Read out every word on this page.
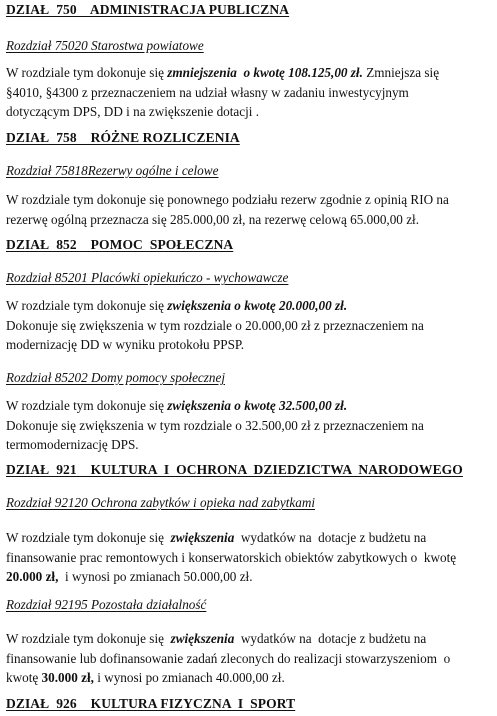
DZIAŁ  750    ADMINISTRACJA PUBLICZNA
Rozdział 75020 Starostwa powiatowe
W rozdziale tym dokonuje się zmniejszenia  o kwotę 108.125,00 zł. Zmniejsza się
§4010, §4300 z przeznaczeniem na udział własny w zadaniu inwestycyjnym
dotyczącym DPS, DD i na zwiększenie dotacji .
DZIAŁ  758    RÓŻNE ROZLICZENIA
Rozdział 75818Rezerwy ogólne i celowe
W rozdziale tym dokonuje się ponownego podziału rezerw zgodnie z opinią RIO na
rezerwę ogólną przeznacza się 285.000,00 zł, na rezerwę celową 65.000,00 zł.
DZIAŁ  852    POMOC  SPOŁECZNA
Rozdział 85201 Placówki opiekuńczo - wychowawcze
W rozdziale tym dokonuje się zwiększenia o kwotę 20.000,00 zł.
Dokonuje się zwiększenia w tym rozdziale o 20.000,00 zł z przeznaczeniem na
modernizację DD w wyniku protokołu PPSP.
Rozdział 85202 Domy pomocy społecznej
W rozdziale tym dokonuje się zwiększenia o kwotę 32.500,00 zł.
Dokonuje się zwiększenia w tym rozdziale o 32.500,00 zł z przeznaczeniem na
termomodernizację DPS.
DZIAŁ  921    KULTURA  I  OCHRONA  DZIEDZICTWA  NARODOWEGO
Rozdział 92120 Ochrona zabytków i opieka nad zabytkami
W rozdziale tym dokonuje się  zwiększenia  wydatków na  dotacje z budżetu na
finansowanie prac remontowych i konserwatorskich obiektów zabytkowych o  kwotę
20.000 zł,  i wynosi po zmianach 50.000,00 zł.
Rozdział 92195 Pozostała działalność
W rozdziale tym dokonuje się  zwiększenia  wydatków na  dotacje z budżetu na
finansowanie lub dofinansowanie zadań zleconych do realizacji stowarzyszeniom  o
kwotę 30.000 zł, i wynosi po zmianach 40.000,00 zł.
DZIAŁ  926    KULTURA FIZYCZNA  I  SPORT
